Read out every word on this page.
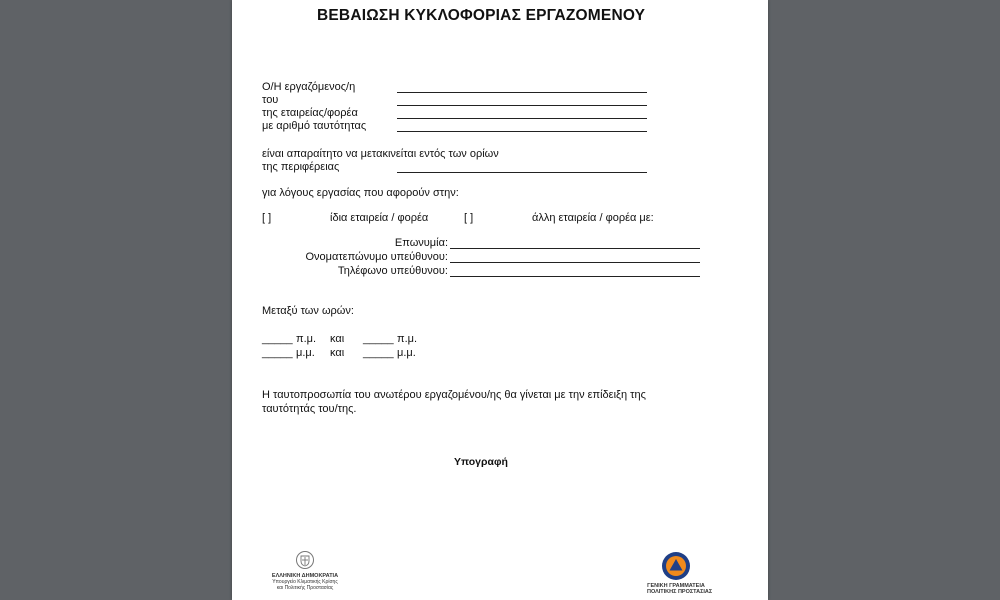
ΒΕΒΑΙΩΣΗ ΚΥΚΛΟΦΟΡΙΑΣ ΕΡΓΑΖΟΜΕΝΟΥ
Ο/Η εργαζόμενος/η
του
της εταιρείας/φορέα
με αριθμό ταυτότητας
είναι απαραίτητο να μετακινείται εντός των ορίων
της περιφέρειας
για λόγους εργασίας που αφορούν στην:
[ ]	ίδια εταιρεία / φορέα	[ ]	άλλη εταιρεία / φορέα με:
Επωνυμία:
Ονοματεπώνυμο υπεύθυνου:
Τηλέφωνο υπεύθυνου:
Μεταξύ των ωρών:
_____ π.μ. και _____ π.μ.
_____ μ.μ. και _____ μ.μ.
Η ταυτοπροσωπία του ανωτέρου εργαζομένου/ης θα γίνεται με την επίδειξη της
ταυτότητάς του/της.
Υπογραφή
ΕΛΛΗΝΙΚΗ ΔΗΜΟΚΡΑΤΙΑ
Υπουργείο Κλιματικής Κρίσης
και Πολιτικής Προστασίας	ΓΕΝΙΚΗ ΓΡΑΜΜΑΤΕΙΑ
ΠΟΛΙΤΙΚΗΣ ΠΡΟΣΤΑΣΙΑΣ
